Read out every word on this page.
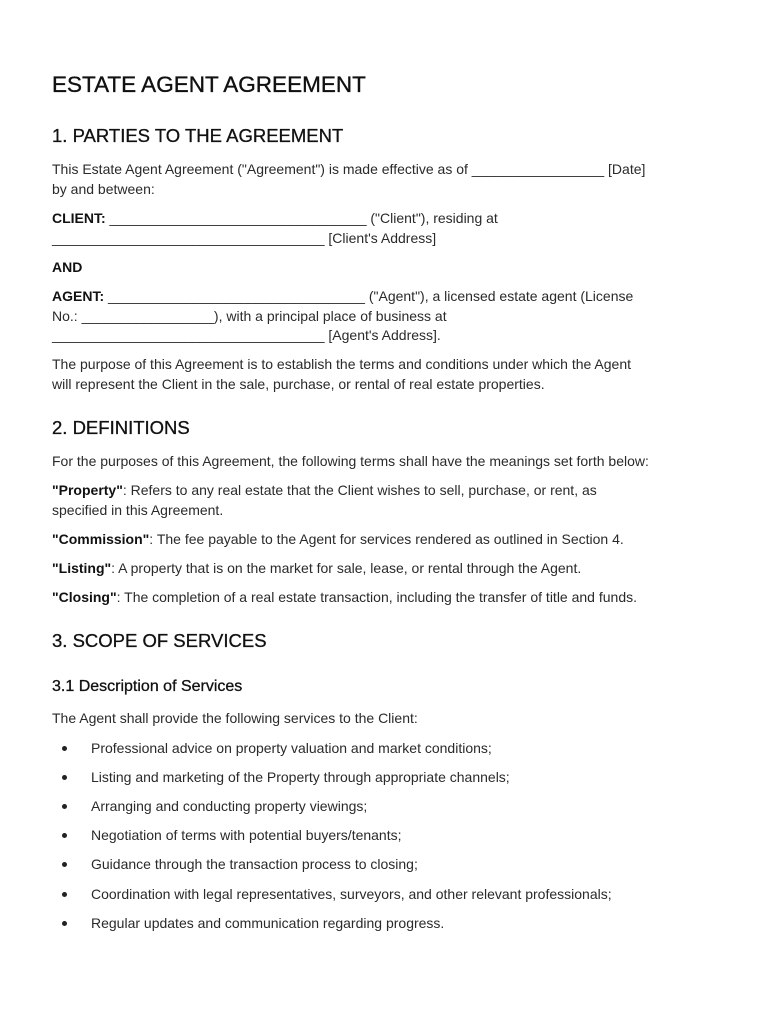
ESTATE AGENT AGREEMENT
1. PARTIES TO THE AGREEMENT
This Estate Agent Agreement ("Agreement") is made effective as of _________________ [Date]
by and between:
CLIENT: _________________________________ ("Client"), residing at
___________________________________ [Client's Address]
AND
AGENT: _________________________________ ("Agent"), a licensed estate agent (License
No.: _________________), with a principal place of business at
___________________________________ [Agent's Address].
The purpose of this Agreement is to establish the terms and conditions under which the Agent
will represent the Client in the sale, purchase, or rental of real estate properties.
2. DEFINITIONS
For the purposes of this Agreement, the following terms shall have the meanings set forth below:
"Property": Refers to any real estate that the Client wishes to sell, purchase, or rent, as
specified in this Agreement.
"Commission": The fee payable to the Agent for services rendered as outlined in Section 4.
"Listing": A property that is on the market for sale, lease, or rental through the Agent.
"Closing": The completion of a real estate transaction, including the transfer of title and funds.
3. SCOPE OF SERVICES
3.1 Description of Services
The Agent shall provide the following services to the Client:
Professional advice on property valuation and market conditions;
Listing and marketing of the Property through appropriate channels;
Arranging and conducting property viewings;
Negotiation of terms with potential buyers/tenants;
Guidance through the transaction process to closing;
Coordination with legal representatives, surveyors, and other relevant professionals;
Regular updates and communication regarding progress.
